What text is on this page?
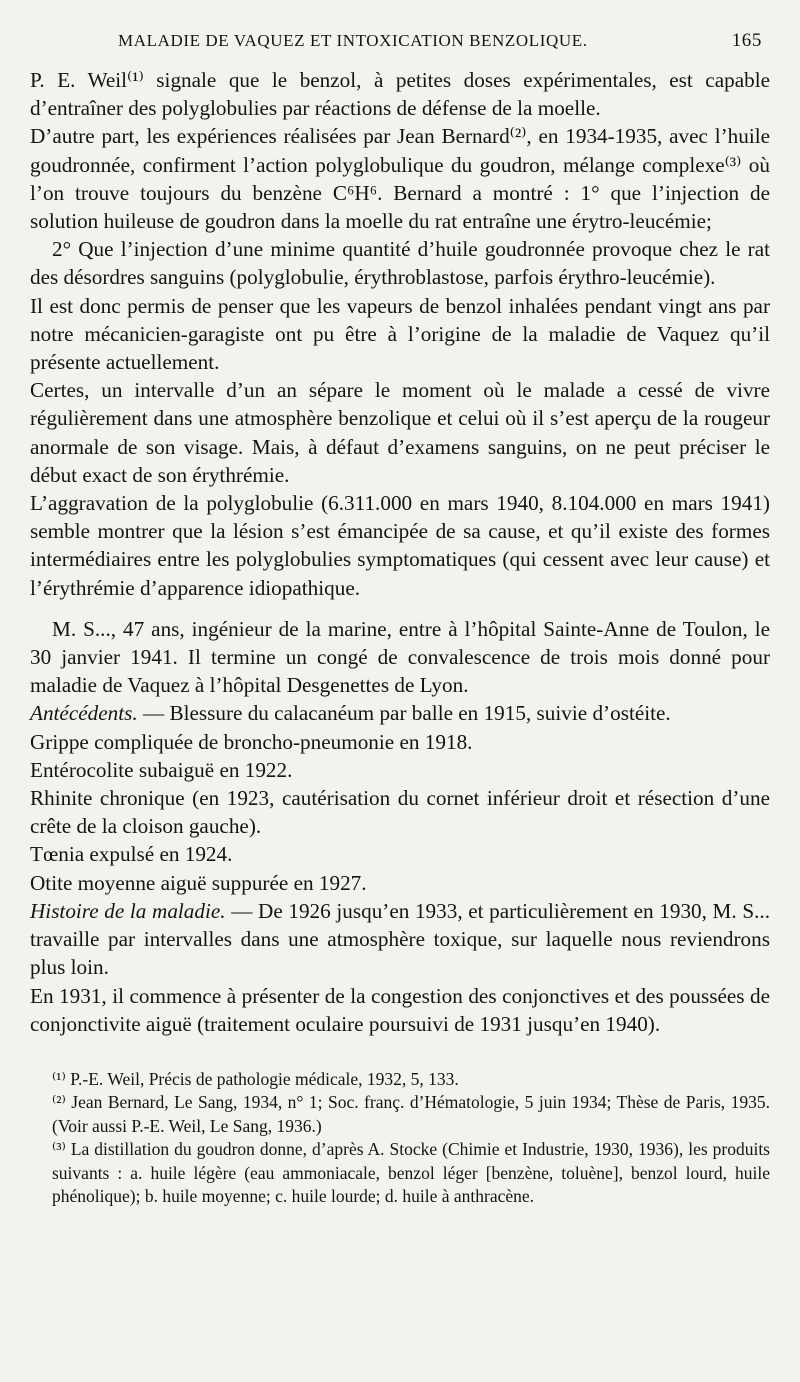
MALADIE DE VAQUEZ ET INTOXICATION BENZOLIQUE.	165

P. E. Weil⁽¹⁾ signale que le benzol, à petites doses expérimentales, est capable d’entraîner des polyglobulies par réactions de défense de la moelle.

D’autre part, les expériences réalisées par Jean Bernard⁽²⁾, en 1934-1935, avec l’huile goudronnée, confirment l’action polyglobulique du goudron, mélange complexe⁽³⁾ où l’on trouve toujours du benzène C⁶H⁶. Bernard a montré : 1° que l’injection de solution huileuse de goudron dans la moelle du rat entraîne une érytro-leucémie;

2° Que l’injection d’une minime quantité d’huile goudronnée provoque chez le rat des désordres sanguins (polyglobulie, érythroblastose, parfois érythro-leucémie).

Il est donc permis de penser que les vapeurs de benzol inhalées pendant vingt ans par notre mécanicien-garagiste ont pu être à l’origine de la maladie de Vaquez qu’il présente actuellement.

Certes, un intervalle d’un an sépare le moment où le malade a cessé de vivre régulièrement dans une atmosphère benzolique et celui où il s’est aperçu de la rougeur anormale de son visage. Mais, à défaut d’examens sanguins, on ne peut préciser le début exact de son érythrémie.

L’aggravation de la polyglobulie (6.311.000 en mars 1940, 8.104.000 en mars 1941) semble montrer que la lésion s’est émancipée de sa cause, et qu’il existe des formes intermédiaires entre les polyglobulies symptomatiques (qui cessent avec leur cause) et l’érythrémie d’apparence idiopathique.

M. S..., 47 ans, ingénieur de la marine, entre à l’hôpital Sainte-Anne de Toulon, le 30 janvier 1941. Il termine un congé de convalescence de trois mois donné pour maladie de Vaquez à l’hôpital Desgenettes de Lyon.

Antécédents. — Blessure du calacanéum par balle en 1915, suivie d’ostéite.

Grippe compliquée de broncho-pneumonie en 1918.

Entérocolite subaiguë en 1922.

Rhinite chronique (en 1923, cautérisation du cornet inférieur droit et résection d’une crête de la cloison gauche).

Tœnia expulsé en 1924.

Otite moyenne aiguë suppurée en 1927.

Histoire de la maladie. — De 1926 jusqu’en 1933, et particulièrement en 1930, M. S... travaille par intervalles dans une atmosphère toxique, sur laquelle nous reviendrons plus loin.

En 1931, il commence à présenter de la congestion des conjonctives et des poussées de conjonctivite aiguë (traitement oculaire poursuivi de 1931 jusqu’en 1940).

⁽¹⁾ P.-E. Weil, Précis de pathologie médicale, 1932, 5, 133.

⁽²⁾ Jean Bernard, Le Sang, 1934, n° 1; Soc. franç. d’Hématologie, 5 juin 1934; Thèse de Paris, 1935. (Voir aussi P.-E. Weil, Le Sang, 1936.)

⁽³⁾ La distillation du goudron donne, d’après A. Stocke (Chimie et Industrie, 1930, 1936), les produits suivants : a. huile légère (eau ammoniacale, benzol léger [benzène, toluène], benzol lourd, huile phénolique); b. huile moyenne; c. huile lourde; d. huile à anthracène.
